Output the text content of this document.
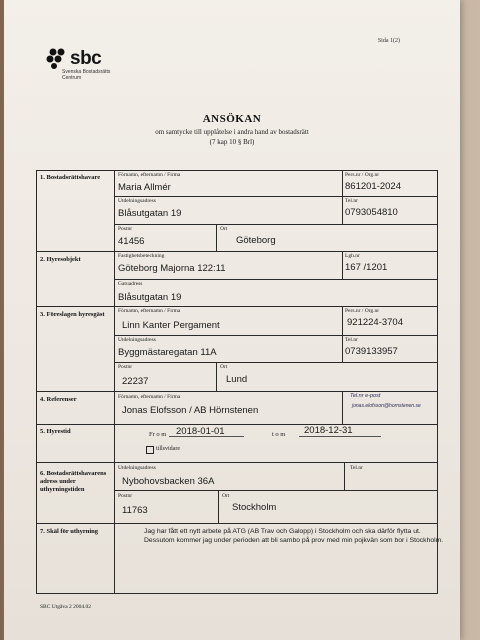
Sida 1(2)
sbc
Svenska Bostadsrätts Centrum
ANSÖKAN
om samtycke till upplåtelse i andra hand av bostadsrätt
(7 kap 10 § Brl)
1. Bostadsrättshavare
2. Hyresobjekt
3. Föreslagen hyresgäst
4. Referenser
5. Hyrestid
6. Bostadsrättshavarens adress under uthyrningstiden
7. Skäl för uthyrning
Förnamn, efternamn / Firma
Maria Allmér
Pers.nr / Org.nr
861201-2024
Utdelningsadress
Blåsutgatan 19
Tel.nr
0793054810
Postnr
41456
Ort
Göteborg
Fastighetsbeteckning
Göteborg Majorna 122:11
Lgh.nr
167 /1201
Gatuadress
Blåsutgatan 19
Förnamn, efternamn / Firma
Linn Kanter Pergament
Pers.nr / Org.nr
921224-3704
Utdelningsadress
Byggmästaregatan 11A
Tel.nr
0739133957
Postnr
22237
Ort
Lund
Förnamn, efternamn / Firma
Jonas Elofsson / AB Hörnstenen
Tel.nr e-post
jonas.elofsson@hornstenen.se
Fr o m 2018-01-01	t o m 2018-12-31
tillsvidare
Utdelningsadress
Nybohovsbacken 36A
Tel.nr
Postnr
11763
Ort
Stockholm
Jag har fått ett nytt arbete på ATG (AB Trav och Galopp) i Stockholm och ska därför flytta ut. Dessutom kommer jag under perioden att bli sambo på prov med min pojkvän som bor i Stockholm.
SBC Utgåva 2 2004.02
